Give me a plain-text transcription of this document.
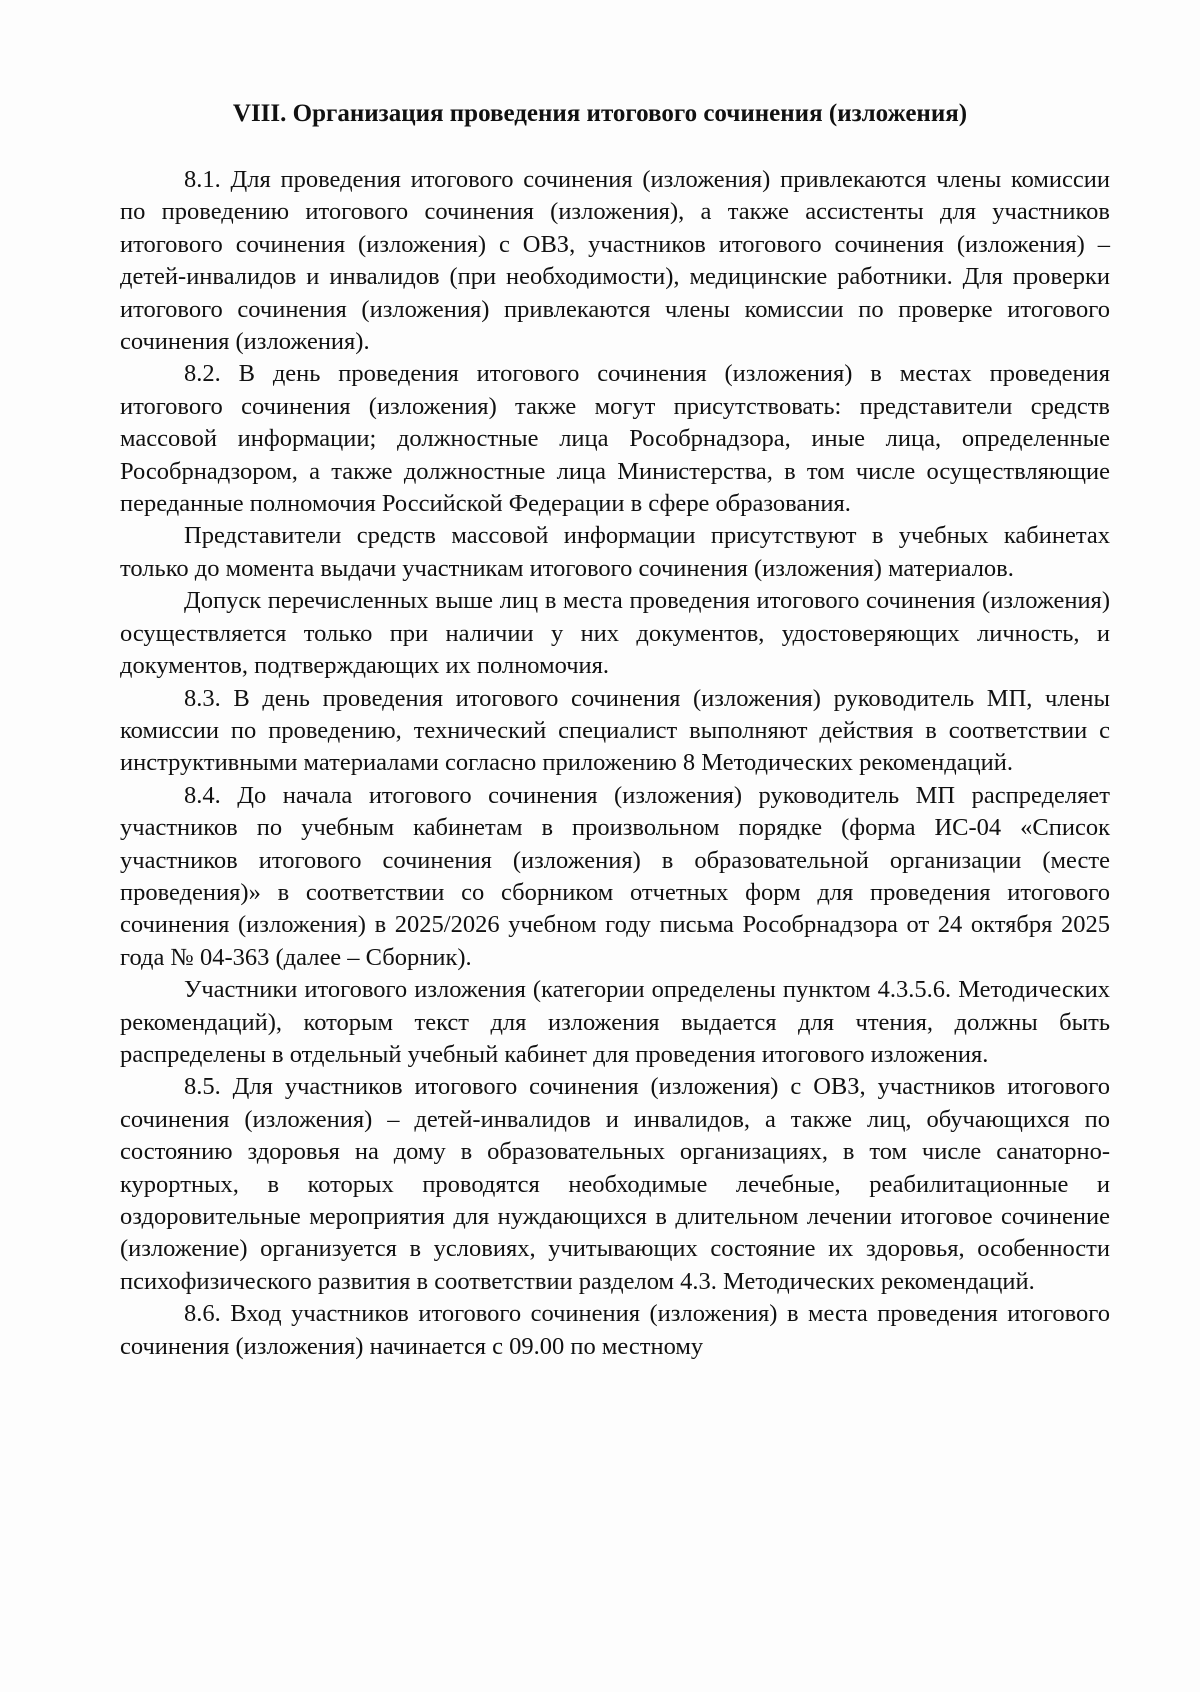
VIII. Организация проведения итогового сочинения (изложения)

8.1. Для проведения итогового сочинения (изложения) привлекаются члены комиссии по проведению итогового сочинения (изложения), а также ассистенты для участников итогового сочинения (изложения) с ОВЗ, участников итогового сочинения (изложения) – детей-инвалидов и инвалидов (при необходимости), медицинские работники. Для проверки итогового сочинения (изложения) привлекаются члены комиссии по проверке итогового сочинения (изложения).

8.2. В день проведения итогового сочинения (изложения) в местах проведения итогового сочинения (изложения) также могут присутствовать: представители средств массовой информации; должностные лица Рособрнадзора, иные лица, определенные Рособрнадзором, а также должностные лица Министерства, в том числе осуществляющие переданные полномочия Российской Федерации в сфере образования.

Представители средств массовой информации присутствуют в учебных кабинетах только до момента выдачи участникам итогового сочинения (изложения) материалов.

Допуск перечисленных выше лиц в места проведения итогового сочинения (изложения) осуществляется только при наличии у них документов, удостоверяющих личность, и документов, подтверждающих их полномочия.

8.3. В день проведения итогового сочинения (изложения) руководитель МП, члены комиссии по проведению, технический специалист выполняют действия в соответствии с инструктивными материалами согласно приложению 8 Методических рекомендаций.

8.4. До начала итогового сочинения (изложения) руководитель МП распределяет участников по учебным кабинетам в произвольном порядке (форма ИС-04 «Список участников итогового сочинения (изложения) в образовательной организации (месте проведения)» в соответствии со сборником отчетных форм для проведения итогового сочинения (изложения) в 2025/2026 учебном году письма Рособрнадзора от 24 октября 2025 года № 04-363 (далее – Сборник).

Участники итогового изложения (категории определены пунктом 4.3.5.6. Методических рекомендаций), которым текст для изложения выдается для чтения, должны быть распределены в отдельный учебный кабинет для проведения итогового изложения.

8.5. Для участников итогового сочинения (изложения) с ОВЗ, участников итогового сочинения (изложения) – детей-инвалидов и инвалидов, а также лиц, обучающихся по состоянию здоровья на дому в образовательных организациях, в том числе санаторно-курортных, в которых проводятся необходимые лечебные, реабилитационные и оздоровительные мероприятия для нуждающихся в длительном лечении итоговое сочинение (изложение) организуется в условиях, учитывающих состояние их здоровья, особенности психофизического развития в соответствии разделом 4.3. Методических рекомендаций.

8.6. Вход участников итогового сочинения (изложения) в места проведения итогового сочинения (изложения) начинается с 09.00 по местному
